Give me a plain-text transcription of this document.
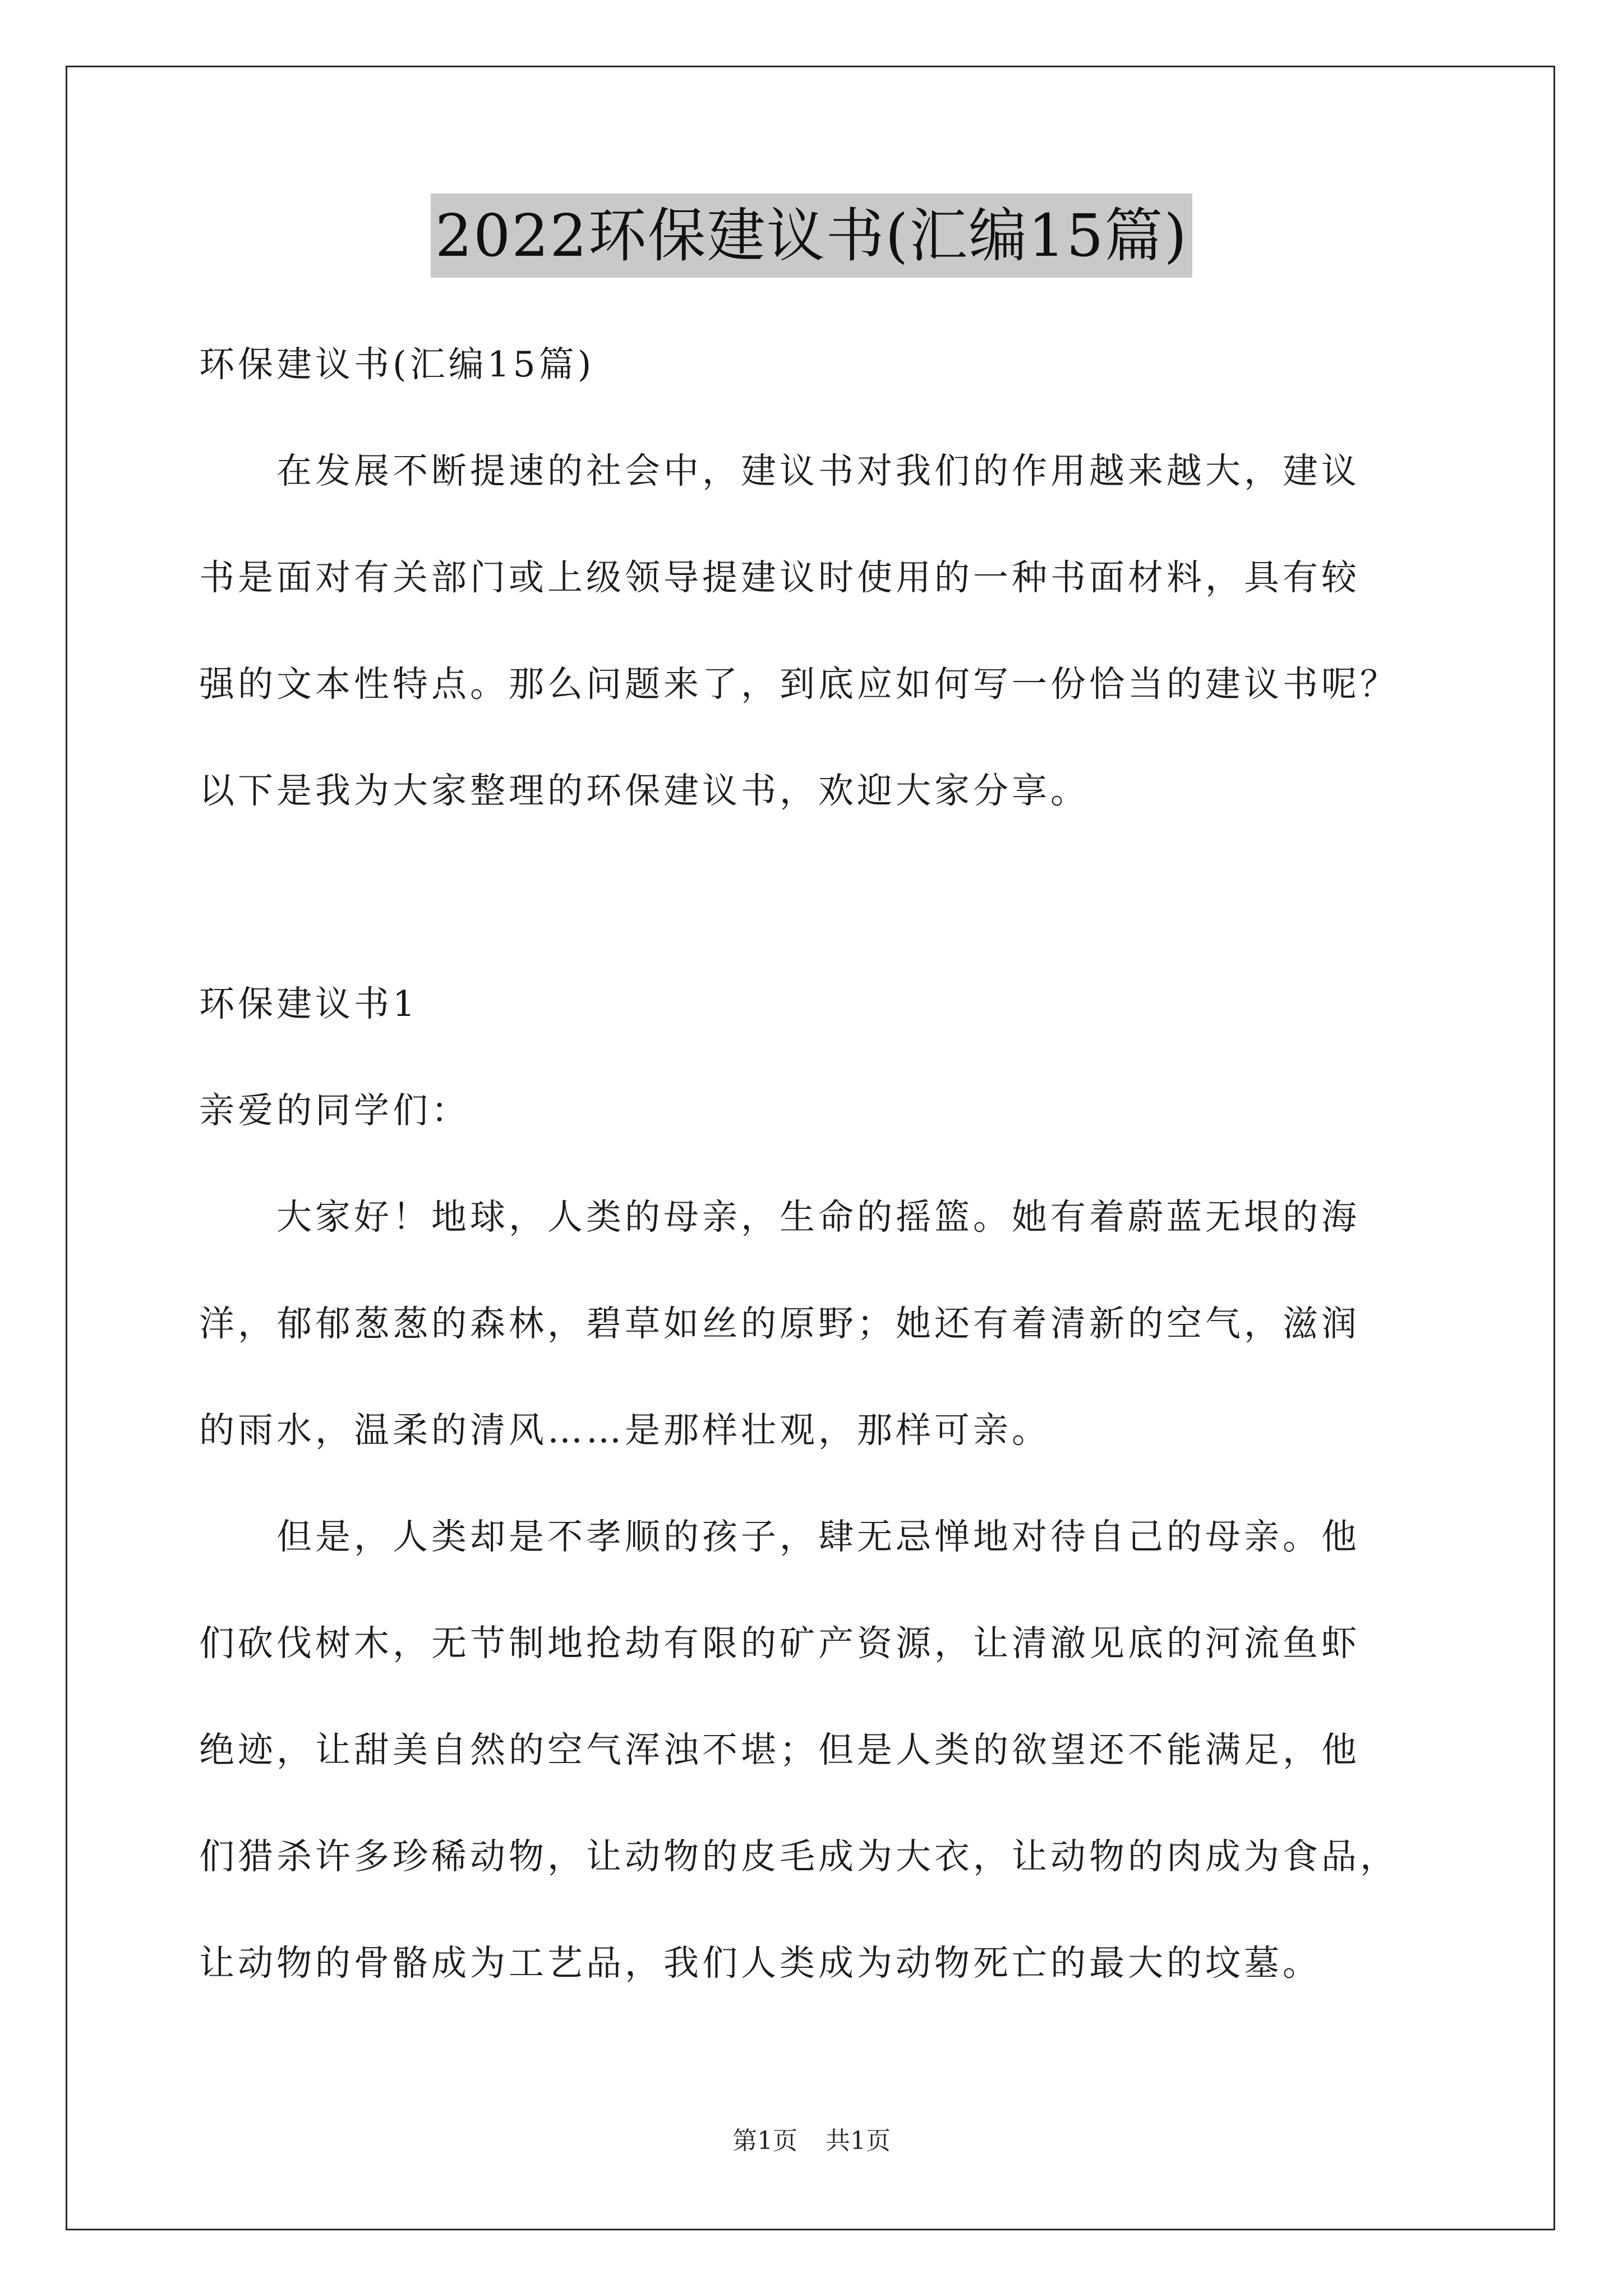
2022环保建议书(汇编15篇)
环保建议书(汇编15篇)
　　在发展不断提速的社会中，建议书对我们的作用越来越大，建议
书是面对有关部门或上级领导提建议时使用的一种书面材料，具有较
强的文本性特点。那么问题来了，到底应如何写一份恰当的建议书呢？
以下是我为大家整理的环保建议书，欢迎大家分享。
环保建议书1
亲爱的同学们：
　　大家好！地球，人类的母亲，生命的摇篮。她有着蔚蓝无垠的海
洋，郁郁葱葱的森林，碧草如丝的原野；她还有着清新的空气，滋润
的雨水，温柔的清风……是那样壮观，那样可亲。
　　但是，人类却是不孝顺的孩子，肆无忌惮地对待自己的母亲。他
们砍伐树木，无节制地抢劫有限的矿产资源，让清澈见底的河流鱼虾
绝迹，让甜美自然的空气浑浊不堪；但是人类的欲望还不能满足，他
们猎杀许多珍稀动物，让动物的皮毛成为大衣，让动物的肉成为食品，
让动物的骨骼成为工艺品，我们人类成为动物死亡的最大的坟墓。
第1页 共1页
